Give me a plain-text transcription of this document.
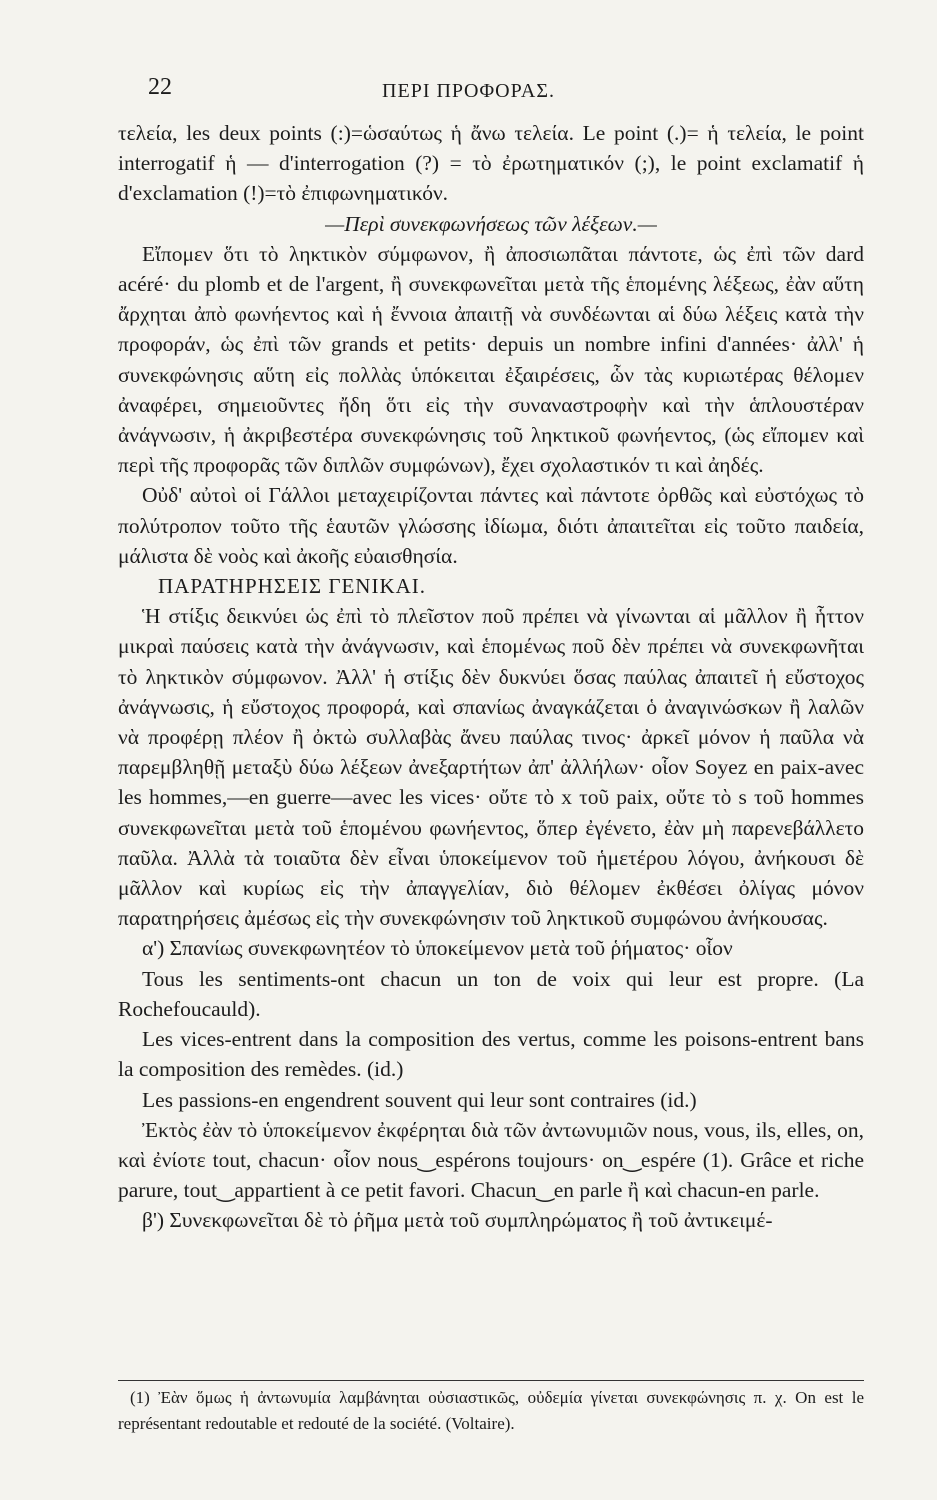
22	ΠΕΡΙ ΠΡΟΦΟΡΑΣ.

τελεία, les deux points (:)=ὡσαύτως ἡ ἄνω τελεία. Le point (.)= ἡ τελεία, le point interrogatif ἡ — d'interrogation (?) = τὸ ἐρωτηματικόν (;), le point exclamatif ἡ d'exclamation (!)=τὸ ἐπιφωνηματικόν.

—Περὶ συνεκφωνήσεως τῶν λέξεων.—

Εἴπομεν ὅτι τὸ ληκτικὸν σύμφωνον, ἢ ἀποσιωπᾶται πάντοτε, ὡς ἐπὶ τῶν dard acéré· du plomb et de l'argent, ἢ συνεκφωνεῖται μετὰ τῆς ἑπομένης λέξεως, ἐὰν αὕτη ἄρχηται ἀπὸ φωνήεντος καὶ ἡ ἔννοια ἀπαιτῇ νὰ συνδέωνται αἱ δύω λέξεις κατὰ τὴν προφοράν, ὡς ἐπὶ τῶν grands et petits· depuis un nombre infini d'années· ἀλλ' ἡ συνεκφώνησις αὕτη εἰς πολλὰς ὑπόκειται ἐξαιρέσεις, ὧν τὰς κυριωτέρας θέλομεν ἀναφέρει, σημειοῦντες ἤδη ὅτι εἰς τὴν συναναστροφὴν καὶ τὴν ἁπλουστέραν ἀνάγνωσιν, ἡ ἀκριβεστέρα συνεκφώνησις τοῦ ληκτικοῦ φωνήεντος, (ὡς εἴπομεν καὶ περὶ τῆς προφορᾶς τῶν διπλῶν συμφώνων), ἔχει σχολαστικόν τι καὶ ἀηδές.

Οὐδ' αὐτοὶ οἱ Γάλλοι μεταχειρίζονται πάντες καὶ πάντοτε ὀρθῶς καὶ εὐστόχως τὸ πολύτροπον τοῦτο τῆς ἑαυτῶν γλώσσης ἰδίωμα, διότι ἀπαιτεῖται εἰς τοῦτο παιδεία, μάλιστα δὲ νοὸς καὶ ἀκοῆς εὐαισθησία.

ΠΑΡΑΤΗΡΗΣΕΙΣ ΓΕΝΙΚΑΙ.

Ἡ στίξις δεικνύει ὡς ἐπὶ τὸ πλεῖστον ποῦ πρέπει νὰ γίνωνται αἱ μᾶλλον ἢ ἧττον μικραὶ παύσεις κατὰ τὴν ἀνάγνωσιν, καὶ ἑπομένως ποῦ δὲν πρέπει νὰ συνεκφωνῆται τὸ ληκτικὸν σύμφωνον. Ἀλλ' ἡ στίξις δὲν δυκνύει ὅσας παύλας ἀπαιτεῖ ἡ εὔστοχος ἀνάγνωσις, ἡ εὔστοχος προφορά, καὶ σπανίως ἀναγκάζεται ὁ ἀναγινώσκων ἢ λαλῶν νὰ προφέρῃ πλέον ἢ ὀκτὼ συλλαβὰς ἄνευ παύλας τινος· ἀρκεῖ μόνον ἡ παῦλα νὰ παρεμβληθῇ μεταξὺ δύω λέξεων ἀνεξαρτήτων ἀπ' ἀλλήλων· οἷον Soyez en paix-avec les hommes,—en guerre—avec les vices· οὔτε τὸ x τοῦ paix, οὔτε τὸ s τοῦ hommes συνεκφωνεῖται μετὰ τοῦ ἑπομένου φωνήεντος, ὅπερ ἐγένετο, ἐὰν μὴ παρενεβάλλετο παῦλα. Ἀλλὰ τὰ τοιαῦτα δὲν εἶναι ὑποκείμενον τοῦ ἡμετέρου λόγου, ἀνήκουσι δὲ μᾶλλον καὶ κυρίως εἰς τὴν ἀπαγγελίαν, διὸ θέλομεν ἐκθέσει ὀλίγας μόνον παρατηρήσεις ἀμέσως εἰς τὴν συνεκφώνησιν τοῦ ληκτικοῦ συμφώνου ἀνήκουσας.

α') Σπανίως συνεκφωνητέον τὸ ὑποκείμενον μετὰ τοῦ ῥήματος· οἷον

Tous les sentiments-ont chacun un ton de voix qui leur est propre. (La Rochefoucauld).

Les vices-entrent dans la composition des vertus, comme les poisons-entrent bans la composition des remèdes. (id.)

Les passions-en engendrent souvent qui leur sont contraires (id.)

Ἐκτὸς ἐὰν τὸ ὑποκείμενον ἐκφέρηται διὰ τῶν ἀντωνυμιῶν nous, vous, ils, elles, on, καὶ ἐνίοτε tout, chacun· οἷον nous‿espérons toujours· on‿espére (1). Grâce et riche parure, tout‿appartient à ce petit favori. Chacun‿en parle ἢ καὶ chacun-en parle.

β') Συνεκφωνεῖται δὲ τὸ ῥῆμα μετὰ τοῦ συμπληρώματος ἢ τοῦ ἀντικειμέ-

(1) Ἐὰν ὅμως ἡ ἀντωνυμία λαμβάνηται οὐσιαστικῶς, οὐδεμία γίνεται συνεκφώνησις π. χ. On est le représentant redoutable et redouté de la société. (Voltaire).
